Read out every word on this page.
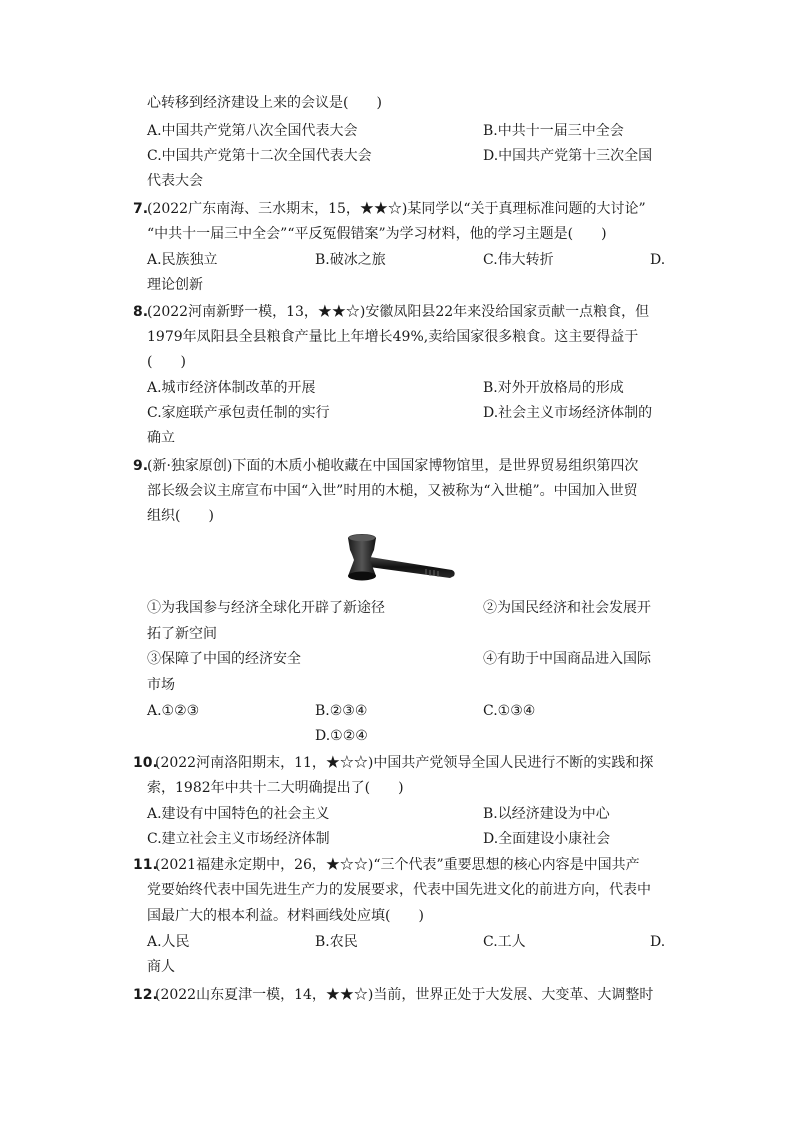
心转移到经济建设上来的会议是(　　)
A.中国共产党第八次全国代表大会	B.中共十一届三中全会
C.中国共产党第十二次全国代表大会	D.中国共产党第十三次全国
代表大会
7.
(2022广东南海、三水期末，15，★★☆)某同学以“关于真理标准问题的大讨论”
“中共十一届三中全会”“平反冤假错案”为学习材料，他的学习主题是(　　)
A.民族独立	B.破冰之旅	C.伟大转折	D.
理论创新
8.
(2022河南新野一模，13，★★☆)安徽凤阳县22年来没给国家贡献一点粮食，但
1979年凤阳县全县粮食产量比上年增长49%,卖给国家很多粮食。这主要得益于
(　　)
A.城市经济体制改革的开展	B.对外开放格局的形成
C.家庭联产承包责任制的实行	D.社会主义市场经济体制的
确立
9.
(新·独家原创)下面的木质小槌收藏在中国国家博物馆里，是世界贸易组织第四次
部长级会议主席宣布中国“入世”时用的木槌，又被称为“入世槌”。中国加入世贸
组织(　　)
①为我国参与经济全球化开辟了新途径	②为国民经济和社会发展开
拓了新空间
③保障了中国的经济安全	④有助于中国商品进入国际
市场
A.①②③	B.②③④	C.①③④
D.①②④
10.
(2022河南洛阳期末，11，★☆☆)中国共产党领导全国人民进行不断的实践和探
索，1982年中共十二大明确提出了(　　)
A.建设有中国特色的社会主义	B.以经济建设为中心
C.建立社会主义市场经济体制	D.全面建设小康社会
11.
(2021福建永定期中，26，★☆☆)“三个代表”重要思想的核心内容是中国共产
党要始终代表中国先进生产力的发展要求，代表中国先进文化的前进方向，代表中
国最广大的根本利益。材料画线处应填(　　)
A.人民	B.农民	C.工人	D.
商人
12.
(2022山东夏津一模，14，★★☆)当前，世界正处于大发展、大变革、大调整时
